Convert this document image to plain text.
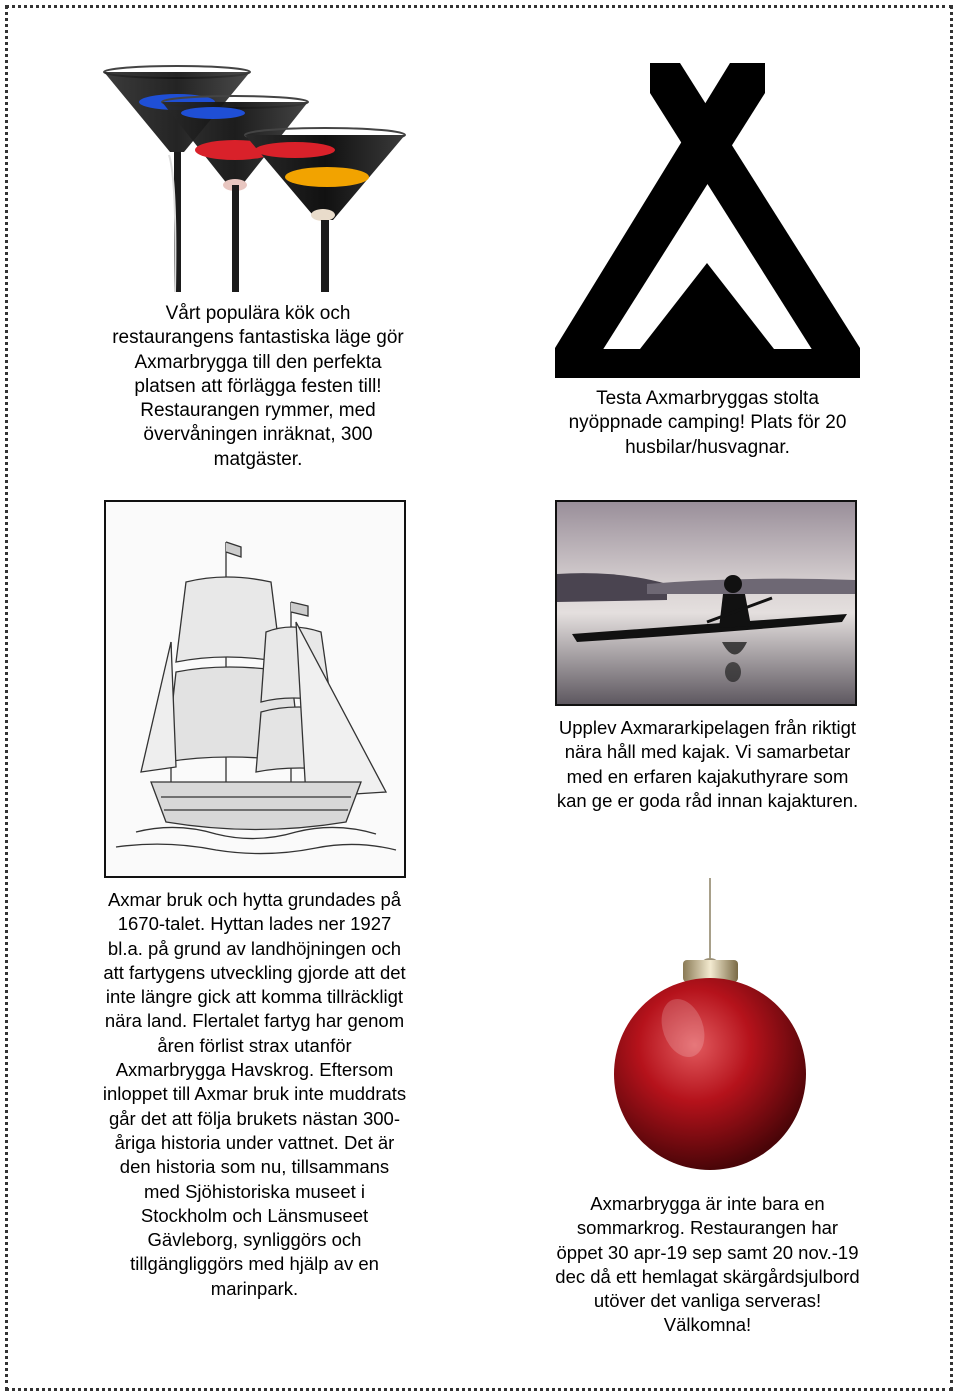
Vårt populära kök och restaurangens fantastiska läge gör Axmarbrygga till den perfekta platsen att förlägga festen till! Restaurangen rymmer, med övervåningen inräknat, 300 matgäster.

Testa Axmarbryggas stolta nyöppnade camping! Plats för 20 husbilar/husvagnar.

Upplev Axmararkipelagen från riktigt nära håll med kajak. Vi samarbetar med en erfaren kajakuthyrare som kan ge er goda råd innan kajakturen.

Axmar bruk och hytta grundades på 1670-talet. Hyttan lades ner 1927 bl.a. på grund av landhöjningen och att fartygens utveckling gjorde att det inte längre gick att komma tillräckligt nära land. Flertalet fartyg har genom åren förlist strax utanför Axmarbrygga Havskrog. Eftersom inloppet till Axmar bruk inte muddrats går det att följa brukets nästan 300-åriga historia under vattnet. Det är den historia som nu, tillsammans med Sjöhistoriska museet i Stockholm och Länsmuseet Gävleborg, synliggörs och tillgängliggörs med hjälp av en marinpark.

Axmarbrygga är inte bara en sommarkrog. Restaurangen har öppet 30 apr-19 sep samt 20 nov.-19 dec då ett hemlagat skärgårdsjulbord utöver det vanliga serveras! Välkomna!
